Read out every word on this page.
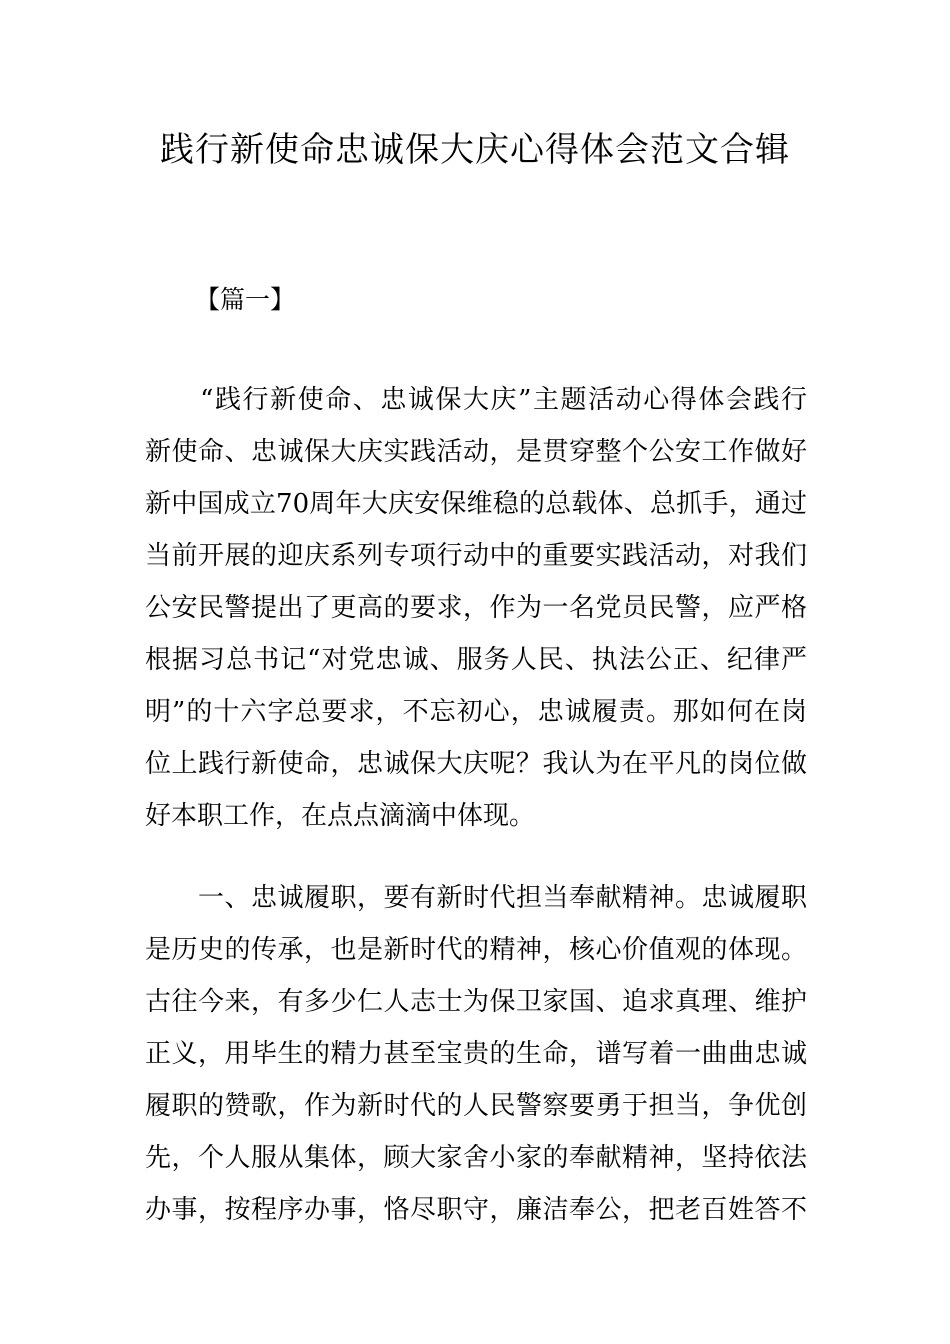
践行新使命忠诚保大庆心得体会范文合辑
【篇一】
　　“践行新使命、忠诚保大庆”主题活动心得体会践行
新使命、忠诚保大庆实践活动，是贯穿整个公安工作做好
新中国成立70周年大庆安保维稳的总载体、总抓手，通过
当前开展的迎庆系列专项行动中的重要实践活动，对我们
公安民警提出了更高的要求，作为一名党员民警，应严格
根据习总书记“对党忠诚、服务人民、执法公正、纪律严
明”的十六字总要求，不忘初心，忠诚履责。那如何在岗
位上践行新使命，忠诚保大庆呢？我认为在平凡的岗位做
好本职工作，在点点滴滴中体现。
　　一、忠诚履职，要有新时代担当奉献精神。忠诚履职
是历史的传承，也是新时代的精神，核心价值观的体现。
古往今来，有多少仁人志士为保卫家国、追求真理、维护
正义，用毕生的精力甚至宝贵的生命，谱写着一曲曲忠诚
履职的赞歌，作为新时代的人民警察要勇于担当，争优创
先，个人服从集体，顾大家舍小家的奉献精神，坚持依法
办事，按程序办事，恪尽职守，廉洁奉公，把老百姓答不
